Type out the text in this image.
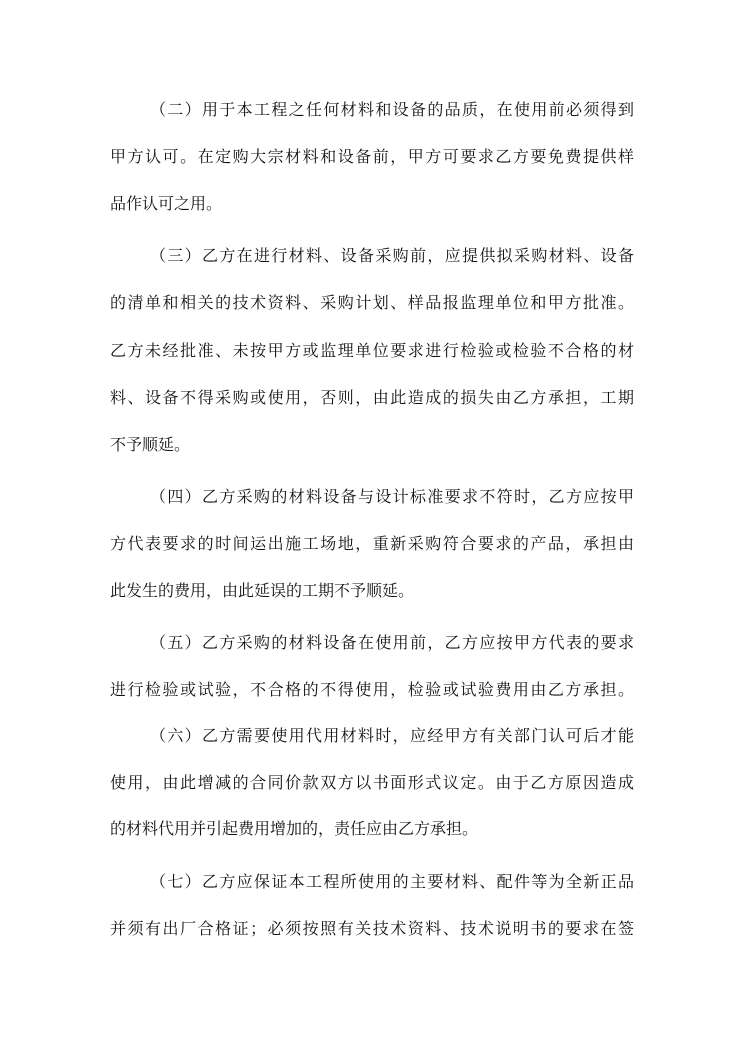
（二）用于本工程之任何材料和设备的品质，在使用前必须得到
甲方认可。在定购大宗材料和设备前，甲方可要求乙方要免费提供样
品作认可之用。
（三）乙方在进行材料、设备采购前，应提供拟采购材料、设备
的清单和相关的技术资料、采购计划、样品报监理单位和甲方批准。
乙方未经批准、未按甲方或监理单位要求进行检验或检验不合格的材
料、设备不得采购或使用，否则，由此造成的损失由乙方承担，工期
不予顺延。
（四）乙方采购的材料设备与设计标准要求不符时，乙方应按甲
方代表要求的时间运出施工场地，重新采购符合要求的产品，承担由
此发生的费用，由此延误的工期不予顺延。
（五）乙方采购的材料设备在使用前，乙方应按甲方代表的要求
进行检验或试验，不合格的不得使用，检验或试验费用由乙方承担。
（六）乙方需要使用代用材料时，应经甲方有关部门认可后才能
使用，由此增减的合同价款双方以书面形式议定。由于乙方原因造成
的材料代用并引起费用增加的，责任应由乙方承担。
（七）乙方应保证本工程所使用的主要材料、配件等为全新正品
并须有出厂合格证；必须按照有关技术资料、技术说明书的要求在签
